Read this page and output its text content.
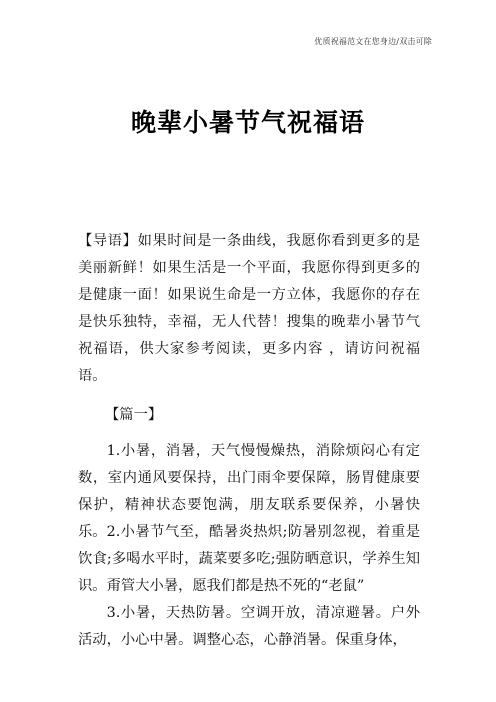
优质祝福范文在您身边/双击可除
晚辈小暑节气祝福语

【导语】如果时间是一条曲线，我愿你看到更多的是美丽新鲜！如果生活是一个平面，我愿你得到更多的是健康一面！如果说生命是一方立体，我愿你的存在是快乐独特，幸福，无人代替！搜集的晚辈小暑节气祝福语，供大家参考阅读，更多内容 ，请访问祝福语。

【篇一】

1.小暑，消暑，天气慢慢燥热，消除烦闷心有定数，室内通风要保持，出门雨伞要保障，肠胃健康要保护，精神状态要饱满，朋友联系要保养，小暑快乐。 2.小暑节气至，酷暑炎热炽;防暑别忽视，着重是饮食;多喝水平时，蔬菜要多吃;强防晒意识，学养生知识。甭管大小暑，愿我们都是热不死的“老鼠”

3.小暑，天热防暑。空调开放，清凉避暑。户外活动，小心中暑。调整心态，心静消暑。保重身体，
